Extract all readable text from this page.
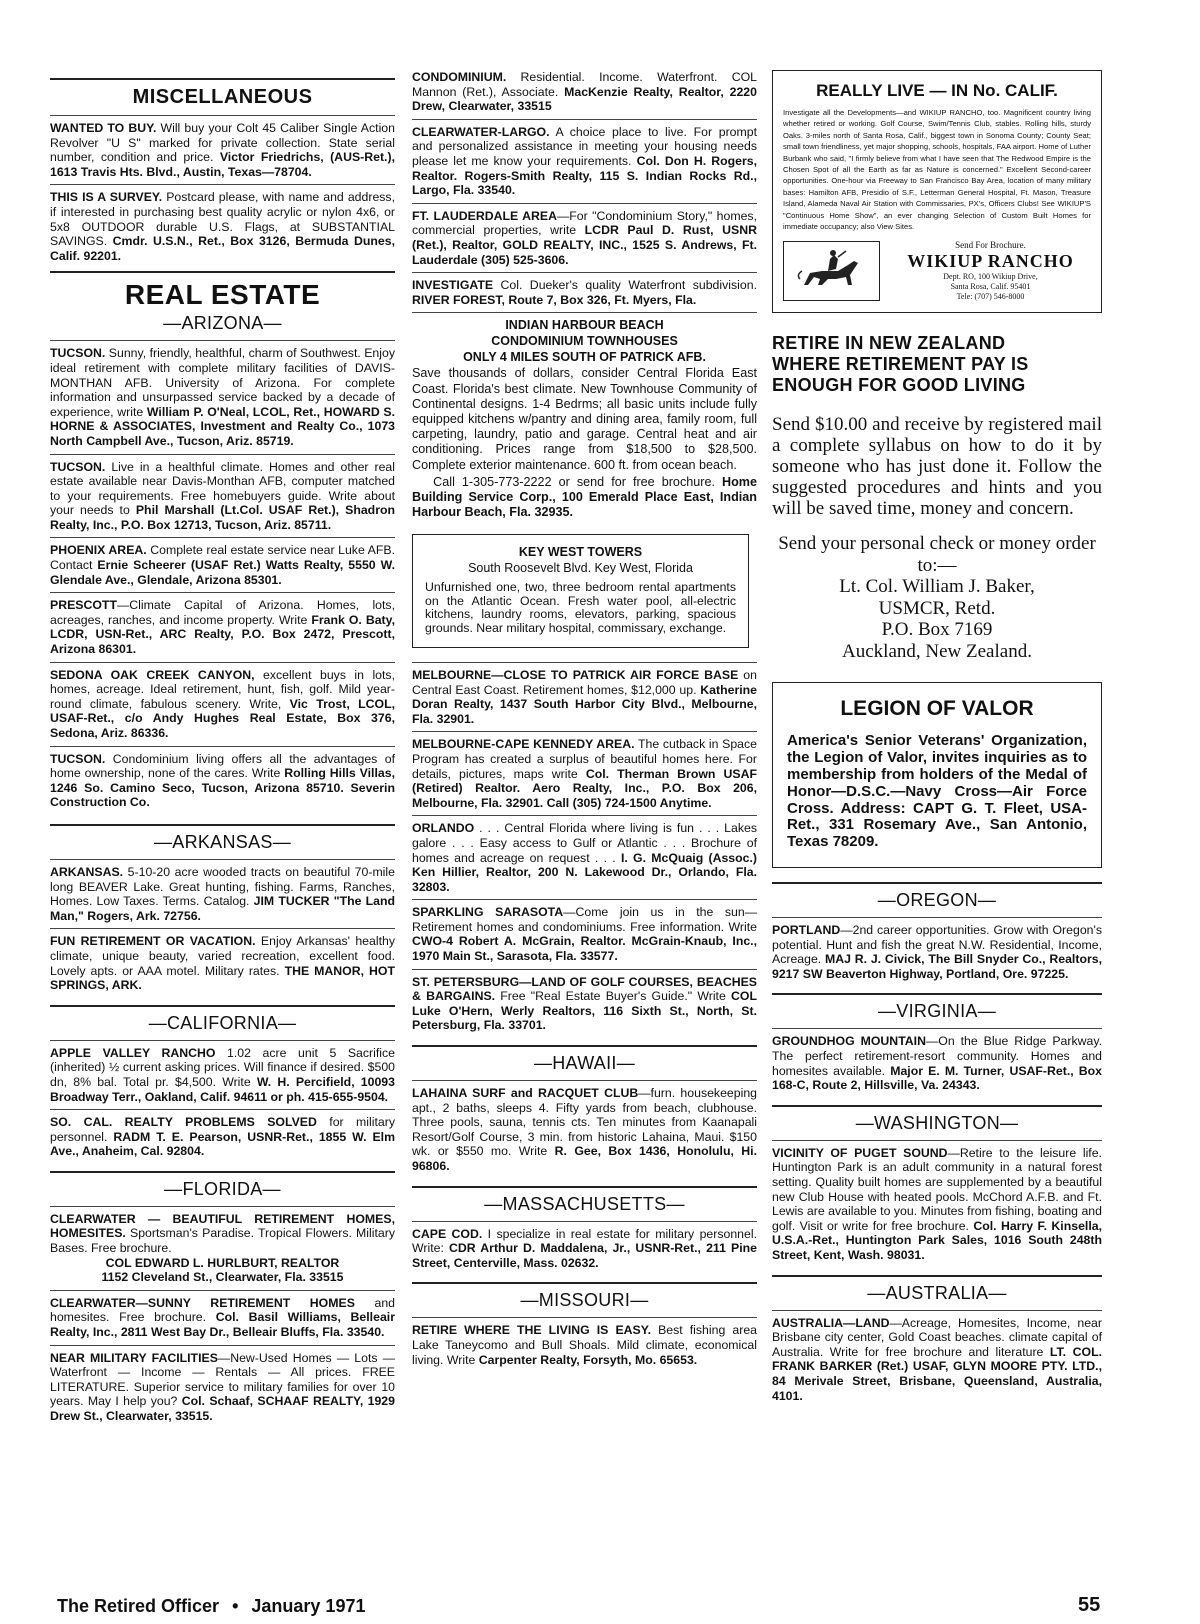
MISCELLANEOUS

WANTED TO BUY. Will buy your Colt 45 Caliber Single Action Revolver "U S" marked for private collection. State serial number, condition and price. Victor Friedrichs, (AUS-Ret.), 1613 Travis Hts. Blvd., Austin, Texas—78704.

THIS IS A SURVEY. Postcard please, with name and address, if interested in purchasing best quality acrylic or nylon 4x6, or 5x8 OUTDOOR durable U.S. Flags, at SUBSTANTIAL SAVINGS. Cmdr. U.S.N., Ret., Box 3126, Bermuda Dunes, Calif. 92201.

REAL ESTATE
—ARIZONA—

TUCSON. Sunny, friendly, healthful, charm of Southwest. Enjoy ideal retirement with complete military facilities of DAVIS-MONTHAN AFB. University of Arizona. For complete information and unsurpassed service backed by a decade of experience, write William P. O'Neal, LCOL, Ret., HOWARD S. HORNE & ASSOCIATES, Investment and Realty Co., 1073 North Campbell Ave., Tucson, Ariz. 85719.

TUCSON. Live in a healthful climate. Homes and other real estate available near Davis-Monthan AFB, computer matched to your requirements. Free homebuyers guide. Write about your needs to Phil Marshall (Lt.Col. USAF Ret.), Shadron Realty, Inc., P.O. Box 12713, Tucson, Ariz. 85711.

PHOENIX AREA. Complete real estate service near Luke AFB. Contact Ernie Scheerer (USAF Ret.) Watts Realty, 5550 W. Glendale Ave., Glendale, Arizona 85301.

PRESCOTT—Climate Capital of Arizona. Homes, lots, acreages, ranches, and income property. Write Frank O. Baty, LCDR, USN-Ret., ARC Realty, P.O. Box 2472, Prescott, Arizona 86301.

SEDONA OAK CREEK CANYON, excellent buys in lots, homes, acreage. Ideal retirement, hunt, fish, golf. Mild year-round climate, fabulous scenery. Write, Vic Trost, LCOL, USAF-Ret., c/o Andy Hughes Real Estate, Box 376, Sedona, Ariz. 86336.

TUCSON. Condominium living offers all the advantages of home ownership, none of the cares. Write Rolling Hills Villas, 1246 So. Camino Seco, Tucson, Arizona 85710. Severin Construction Co.

—ARKANSAS—

ARKANSAS. 5-10-20 acre wooded tracts on beautiful 70-mile long BEAVER Lake. Great hunting, fishing. Farms, Ranches, Homes. Low Taxes. Terms. Catalog. JIM TUCKER "The Land Man," Rogers, Ark. 72756.

FUN RETIREMENT OR VACATION. Enjoy Arkansas' healthy climate, unique beauty, varied recreation, excellent food. Lovely apts. or AAA motel. Military rates. THE MANOR, HOT SPRINGS, ARK.

—CALIFORNIA—

APPLE VALLEY RANCHO 1.02 acre unit 5 Sacrifice (inherited) ½ current asking prices. Will finance if desired. $500 dn, 8% bal. Total pr. $4,500. Write W. H. Percifield, 10093 Broadway Terr., Oakland, Calif. 94611 or ph. 415-655-9504.

SO. CAL. REALTY PROBLEMS SOLVED for military personnel. RADM T. E. Pearson, USNR-Ret., 1855 W. Elm Ave., Anaheim, Cal. 92804.

—FLORIDA—

CLEARWATER — BEAUTIFUL RETIREMENT HOMES, HOMESITES. Sportsman's Paradise. Tropical Flowers. Military Bases. Free brochure.

COL EDWARD L. HURLBURT, REALTOR
1152 Cleveland St., Clearwater, Fla. 33515

CLEARWATER—SUNNY RETIREMENT HOMES and homesites. Free brochure. Col. Basil Williams, Belleair Realty, Inc., 2811 West Bay Dr., Belleair Bluffs, Fla. 33540.

NEAR MILITARY FACILITIES—New-Used Homes — Lots — Waterfront — Income — Rentals — All prices. FREE LITERATURE. Superior service to military families for over 10 years. May I help you? Col. Schaaf, SCHAAF REALTY, 1929 Drew St., Clearwater, 33515.

CONDOMINIUM. Residential. Income. Waterfront. COL Mannon (Ret.), Associate. MacKenzie Realty, Realtor, 2220 Drew, Clearwater, 33515

CLEARWATER-LARGO. A choice place to live. For prompt and personalized assistance in meeting your housing needs please let me know your requirements. Col. Don H. Rogers, Realtor. Rogers-Smith Realty, 115 S. Indian Rocks Rd., Largo, Fla. 33540.

FT. LAUDERDALE AREA—For "Condominium Story," homes, commercial properties, write LCDR Paul D. Rust, USNR (Ret.), Realtor, GOLD REALTY, INC., 1525 S. Andrews, Ft. Lauderdale (305) 525-3606.

INVESTIGATE Col. Dueker's quality Waterfront subdivision. RIVER FOREST, Route 7, Box 326, Ft. Myers, Fla.

INDIAN HARBOUR BEACH
CONDOMINIUM TOWNHOUSES
ONLY 4 MILES SOUTH OF PATRICK AFB.

Save thousands of dollars, consider Central Florida East Coast. Florida's best climate. New Townhouse Community of Continental designs. 1-4 Bedrms; all basic units include fully equipped kitchens w/pantry and dining area, family room, full carpeting, laundry, patio and garage. Central heat and air conditioning. Prices range from $18,500 to $28,500. Complete exterior maintenance. 600 ft. from ocean beach.

Call 1-305-773-2222 or send for free brochure. Home Building Service Corp., 100 Emerald Place East, Indian Harbour Beach, Fla. 32935.

KEY WEST TOWERS
South Roosevelt Blvd. Key West, Florida

Unfurnished one, two, three bedroom rental apartments on the Atlantic Ocean. Fresh water pool, all-electric kitchens, laundry rooms, elevators, parking, spacious grounds. Near military hospital, commissary, exchange.

MELBOURNE—CLOSE TO PATRICK AIR FORCE BASE on Central East Coast. Retirement homes, $12,000 up. Katherine Doran Realty, 1437 South Harbor City Blvd., Melbourne, Fla. 32901.

MELBOURNE-CAPE KENNEDY AREA. The cutback in Space Program has created a surplus of beautiful homes here. For details, pictures, maps write Col. Therman Brown USAF (Retired) Realtor. Aero Realty, Inc., P.O. Box 206, Melbourne, Fla. 32901. Call (305) 724-1500 Anytime.

ORLANDO . . . Central Florida where living is fun . . . Lakes galore . . . Easy access to Gulf or Atlantic . . . Brochure of homes and acreage on request . . . I. G. McQuaig (Assoc.) Ken Hillier, Realtor, 200 N. Lakewood Dr., Orlando, Fla. 32803.

SPARKLING SARASOTA—Come join us in the sun—Retirement homes and condominiums. Free information. Write CWO-4 Robert A. McGrain, Realtor. McGrain-Knaub, Inc., 1970 Main St., Sarasota, Fla. 33577.

ST. PETERSBURG—LAND OF GOLF COURSES, BEACHES & BARGAINS. Free "Real Estate Buyer's Guide." Write COL Luke O'Hern, Werly Realtors, 116 Sixth St., North, St. Petersburg, Fla. 33701.

—HAWAII—

LAHAINA SURF and RACQUET CLUB—furn. housekeeping apt., 2 baths, sleeps 4. Fifty yards from beach, clubhouse. Three pools, sauna, tennis cts. Ten minutes from Kaanapali Resort/Golf Course, 3 min. from historic Lahaina, Maui. $150 wk. or $550 mo. Write R. Gee, Box 1436, Honolulu, Hi. 96806.

—MASSACHUSETTS—

CAPE COD. I specialize in real estate for military personnel. Write: CDR Arthur D. Maddalena, Jr., USNR-Ret., 211 Pine Street, Centerville, Mass. 02632.

—MISSOURI—

RETIRE WHERE THE LIVING IS EASY. Best fishing area Lake Taneycomo and Bull Shoals. Mild climate, economical living. Write Carpenter Realty, Forsyth, Mo. 65653.

REALLY LIVE — IN No. CALIF.
Investigate all the Developments—and WIKIUP RANCHO, too. Magnificent country living whether retired or working. Golf Course, Swim/Tennis Club, stables. Rolling hills, sturdy Oaks. 3-miles north of Santa Rosa, Calif., biggest town in Sonoma County; County Seat; small town friendliness, yet major shopping, schools, hospitals, FAA airport. Home of Luther Burbank who said, "I firmly believe from what I have seen that The Redwood Empire is the Chosen Spot of all the Earth as far as Nature is concerned." Excellent Second-career opportunities. One-hour via Freeway to San Francisco Bay Area, location of many military bases: Hamilton AFB, Presidio of S.F., Letterman General Hospital, Ft. Mason, Treasure Island, Alameda Naval Air Station with Commissaries, PX's, Officers Clubs! See WIKIUP'S "Continuous Home Show", an ever changing Selection of Custom Built Homes for immediate occupancy; also View Sites.
Send For Brochure.
WIKIUP RANCHO
Dept. RO, 100 Wikiup Drive,
Santa Rosa, Calif. 95401
Tele: (707) 546-8000
RETIRE IN NEW ZEALAND
WHERE RETIREMENT PAY IS
ENOUGH FOR GOOD LIVING

Send $10.00 and receive by registered mail a complete syllabus on how to do it by someone who has just done it. Follow the suggested procedures and hints and you will be saved time, money and concern.

Send your personal check or money order to:—
Lt. Col. William J. Baker,
USMCR, Retd.
P.O. Box 7169
Auckland, New Zealand.
LEGION OF VALOR
America's Senior Veterans' Organization, the Legion of Valor, invites inquiries as to membership from holders of the Medal of Honor—D.S.C.—Navy Cross—Air Force Cross. Address: CAPT G. T. Fleet, USA-Ret., 331 Rosemary Ave., San Antonio, Texas 78209.
—OREGON—

PORTLAND—2nd career opportunities. Grow with Oregon's potential. Hunt and fish the great N.W. Residential, Income, Acreage. MAJ R. J. Civick, The Bill Snyder Co., Realtors, 9217 SW Beaverton Highway, Portland, Ore. 97225.

—VIRGINIA—

GROUNDHOG MOUNTAIN—On the Blue Ridge Parkway. The perfect retirement-resort community. Homes and homesites available. Major E. M. Turner, USAF-Ret., Box 168-C, Route 2, Hillsville, Va. 24343.

—WASHINGTON—

VICINITY OF PUGET SOUND—Retire to the leisure life. Huntington Park is an adult community in a natural forest setting. Quality built homes are supplemented by a beautiful new Club House with heated pools. McChord A.F.B. and Ft. Lewis are available to you. Minutes from fishing, boating and golf. Visit or write for free brochure. Col. Harry F. Kinsella, U.S.A.-Ret., Huntington Park Sales, 1016 South 248th Street, Kent, Wash. 98031.

—AUSTRALIA—

AUSTRALIA—LAND—Acreage, Homesites, Income, near Brisbane city center, Gold Coast beaches. climate capital of Australia. Write for free brochure and literature LT. COL. FRANK BARKER (Ret.) USAF, GLYN MOORE PTY. LTD., 84 Merivale Street, Brisbane, Queensland, Australia, 4101.

The Retired Officer • January 1971	55
